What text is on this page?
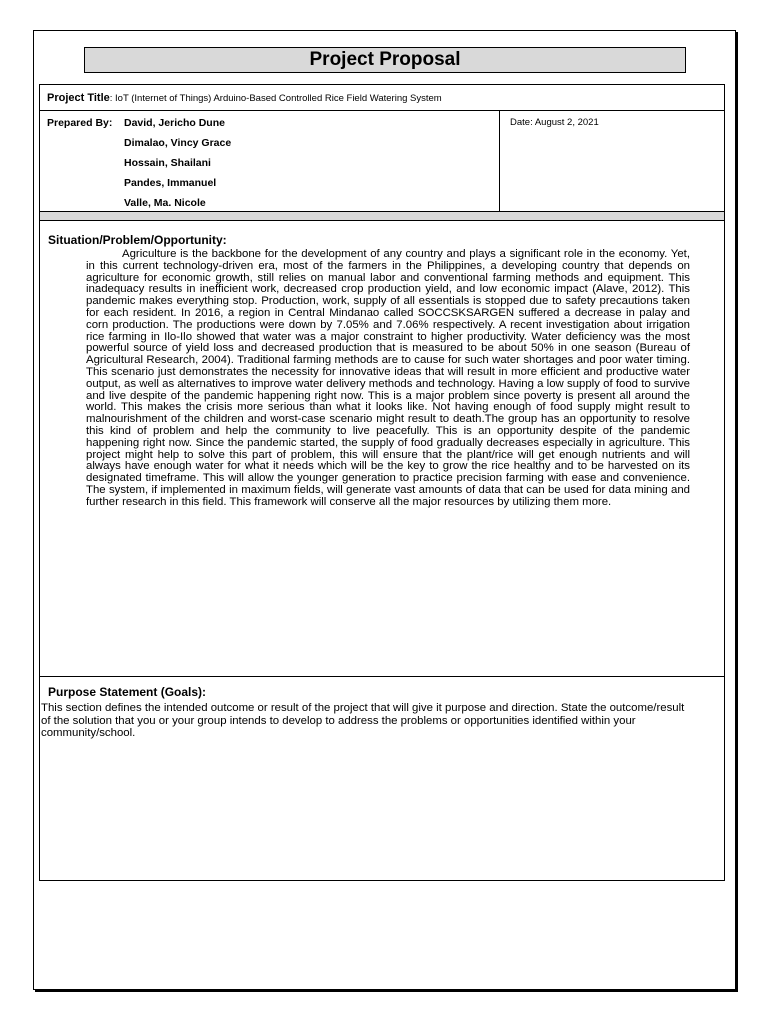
Project Proposal
Project Title: IoT (Internet of Things) Arduino-Based Controlled Rice Field Watering System
Prepared By: David, Jericho Dune
Dimalao, Vincy Grace
Hossain, Shailani
Pandes, Immanuel
Valle, Ma. Nicole
Date: August 2, 2021
Situation/Problem/Opportunity:
Agriculture is the backbone for the development of any country and plays a significant role in the economy. Yet, in this current technology-driven era, most of the farmers in the Philippines, a developing country that depends on agriculture for economic growth, still relies on manual labor and conventional farming methods and equipment. This inadequacy results in inefficient work, decreased crop production yield, and low economic impact (Alave, 2012). This pandemic makes everything stop. Production, work, supply of all essentials is stopped due to safety precautions taken for each resident. In 2016, a region in Central Mindanao called SOCCSKSARGEN suffered a decrease in palay and corn production. The productions were down by 7.05% and 7.06% respectively. A recent investigation about irrigation rice farming in Ilo-Ilo showed that water was a major constraint to higher productivity. Water deficiency was the most powerful source of yield loss and decreased production that is measured to be about 50% in one season (Bureau of Agricultural Research, 2004). Traditional farming methods are to cause for such water shortages and poor water timing. This scenario just demonstrates the necessity for innovative ideas that will result in more efficient and productive water output, as well as alternatives to improve water delivery methods and technology. Having a low supply of food to survive and live despite of the pandemic happening right now. This is a major problem since poverty is present all around the world. This makes the crisis more serious than what it looks like. Not having enough of food supply might result to malnourishment of the children and worst-case scenario might result to death.The group has an opportunity to resolve this kind of problem and help the community to live peacefully. This is an opportunity despite of the pandemic happening right now. Since the pandemic started, the supply of food gradually decreases especially in agriculture. This project might help to solve this part of problem, this will ensure that the plant/rice will get enough nutrients and will always have enough water for what it needs which will be the key to grow the rice healthy and to be harvested on its designated timeframe. This will allow the younger generation to practice precision farming with ease and convenience. The system, if implemented in maximum fields, will generate vast amounts of data that can be used for data mining and further research in this field. This framework will conserve all the major resources by utilizing them more.
Purpose Statement (Goals):
This section defines the intended outcome or result of the project that will give it purpose and direction. State the outcome/result of the solution that you or your group intends to develop to address the problems or opportunities identified within your community/school.
